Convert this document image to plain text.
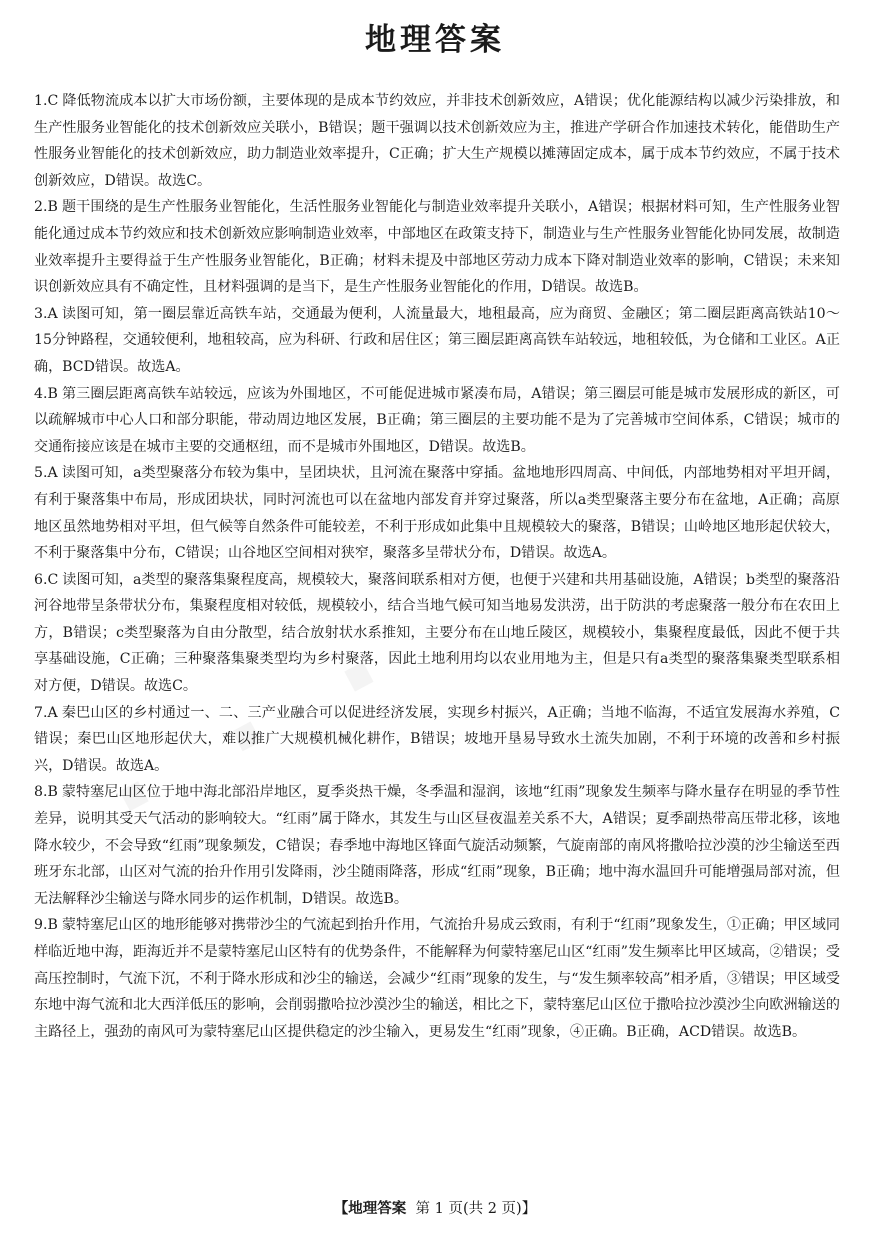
地理答案

1.C 降低物流成本以扩大市场份额，主要体现的是成本节约效应，并非技术创新效应，A错误；优化能源结构以减少污染排放，和生产性服务业智能化的技术创新效应关联小，B错误；题干强调以技术创新效应为主，推进产学研合作加速技术转化，能借助生产性服务业智能化的技术创新效应，助力制造业效率提升，C正确；扩大生产规模以摊薄固定成本，属于成本节约效应，不属于技术创新效应，D错误。故选C。

2.B 题干围绕的是生产性服务业智能化，生活性服务业智能化与制造业效率提升关联小，A错误；根据材料可知，生产性服务业智能化通过成本节约效应和技术创新效应影响制造业效率，中部地区在政策支持下，制造业与生产性服务业智能化协同发展，故制造业效率提升主要得益于生产性服务业智能化，B正确；材料未提及中部地区劳动力成本下降对制造业效率的影响，C错误；未来知识创新效应具有不确定性，且材料强调的是当下，是生产性服务业智能化的作用，D错误。故选B。

3.A 读图可知，第一圈层靠近高铁车站，交通最为便利，人流量最大，地租最高，应为商贸、金融区；第二圈层距离高铁站10～15分钟路程，交通较便利，地租较高，应为科研、行政和居住区；第三圈层距离高铁车站较远，地租较低，为仓储和工业区。A正确，BCD错误。故选A。

4.B 第三圈层距离高铁车站较远，应该为外围地区，不可能促进城市紧凑布局，A错误；第三圈层可能是城市发展形成的新区，可以疏解城市中心人口和部分职能，带动周边地区发展，B正确；第三圈层的主要功能不是为了完善城市空间体系，C错误；城市的交通衔接应该是在城市主要的交通枢纽，而不是城市外围地区，D错误。故选B。

5.A 读图可知，a类型聚落分布较为集中，呈团块状，且河流在聚落中穿插。盆地地形四周高、中间低，内部地势相对平坦开阔，有利于聚落集中布局，形成团块状，同时河流也可以在盆地内部发育并穿过聚落，所以a类型聚落主要分布在盆地，A正确；高原地区虽然地势相对平坦，但气候等自然条件可能较差，不利于形成如此集中且规模较大的聚落，B错误；山岭地区地形起伏较大，不利于聚落集中分布，C错误；山谷地区空间相对狭窄，聚落多呈带状分布，D错误。故选A。

6.C 读图可知，a类型的聚落集聚程度高，规模较大，聚落间联系相对方便，也便于兴建和共用基础设施，A错误；b类型的聚落沿河谷地带呈条带状分布，集聚程度相对较低，规模较小，结合当地气候可知当地易发洪涝，出于防洪的考虑聚落一般分布在农田上方，B错误；c类型聚落为自由分散型，结合放射状水系推知，主要分布在山地丘陵区，规模较小，集聚程度最低，因此不便于共享基础设施，C正确；三种聚落集聚类型均为乡村聚落，因此土地利用均以农业用地为主，但是只有a类型的聚落集聚类型联系相对方便，D错误。故选C。

7.A 秦巴山区的乡村通过一、二、三产业融合可以促进经济发展，实现乡村振兴，A正确；当地不临海，不适宜发展海水养殖，C错误；秦巴山区地形起伏大，难以推广大规模机械化耕作，B错误；坡地开垦易导致水土流失加剧，不利于环境的改善和乡村振兴，D错误。故选A。

8.B 蒙特塞尼山区位于地中海北部沿岸地区，夏季炎热干燥，冬季温和湿润，该地“红雨”现象发生频率与降水量存在明显的季节性差异，说明其受天气活动的影响较大。“红雨”属于降水，其发生与山区昼夜温差关系不大，A错误；夏季副热带高压带北移，该地降水较少，不会导致“红雨”现象频发，C错误；春季地中海地区锋面气旋活动频繁，气旋南部的南风将撒哈拉沙漠的沙尘输送至西班牙东北部，山区对气流的抬升作用引发降雨，沙尘随雨降落，形成“红雨”现象，B正确；地中海水温回升可能增强局部对流，但无法解释沙尘输送与降水同步的运作机制，D错误。故选B。

9.B 蒙特塞尼山区的地形能够对携带沙尘的气流起到抬升作用，气流抬升易成云致雨，有利于“红雨”现象发生，①正确；甲区域同样临近地中海，距海近并不是蒙特塞尼山区特有的优势条件，不能解释为何蒙特塞尼山区“红雨”发生频率比甲区域高，②错误；受高压控制时，气流下沉，不利于降水形成和沙尘的输送，会减少“红雨”现象的发生，与“发生频率较高”相矛盾，③错误；甲区域受东地中海气流和北大西洋低压的影响，会削弱撒哈拉沙漠沙尘的输送，相比之下，蒙特塞尼山区位于撒哈拉沙漠沙尘向欧洲输送的主路径上，强劲的南风可为蒙特塞尼山区提供稳定的沙尘输入，更易发生“红雨”现象，④正确。B正确，ACD错误。故选B。

【地理答案 第 1 页(共 2 页)】
